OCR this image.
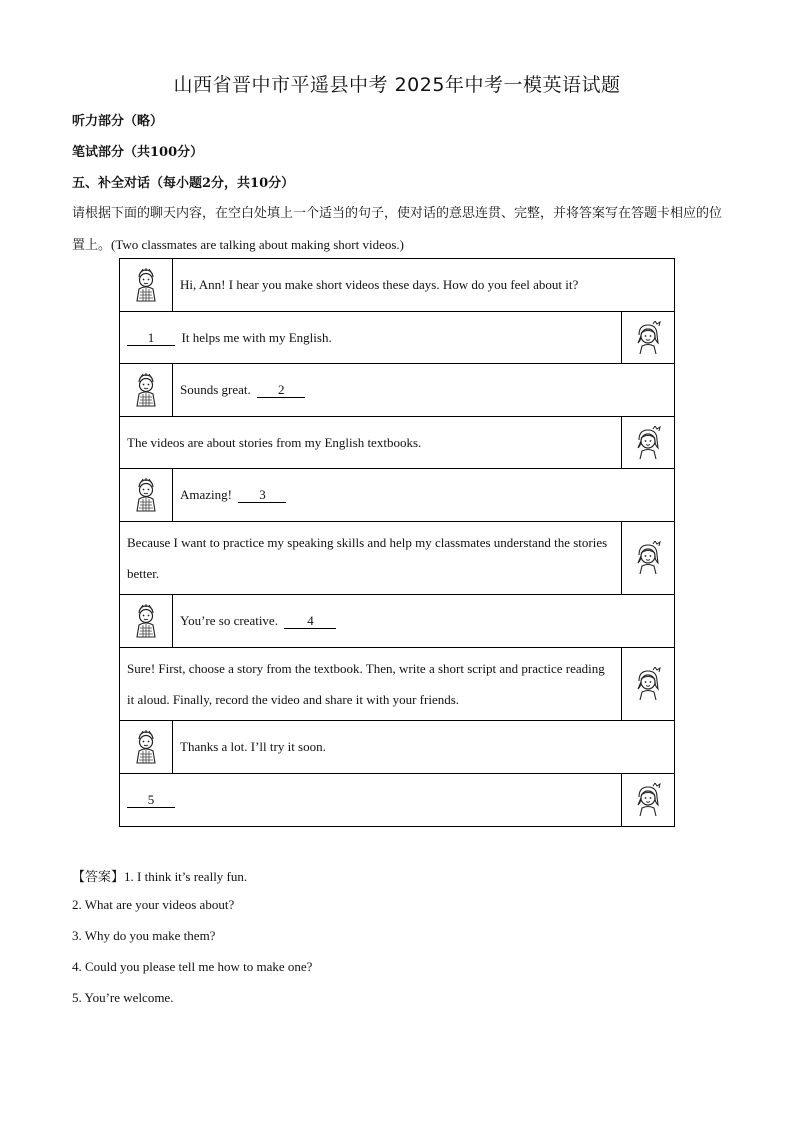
山西省晋中市平遥县中考 2025年中考一模英语试题
听力部分（略）
笔试部分（共100分）
五、补全对话（每小题2分，共10分）
请根据下面的聊天内容，在空白处填上一个适当的句子，使对话的意思连贯、完整，并将答案写在答题卡相应的位置上。(Two classmates are talking about making short videos.)
	Hi, Ann! I hear you make short videos these days. How do you feel about it?	
1 It helps me with my English.	

	Sounds great. 2	
The videos are about stories from my English textbooks.	

	Amazing! 3	
Because I want to practice my speaking skills and help my classmates understand the stories better.	

	You’re so creative. 4	
Sure! First, choose a story from the textbook. Then, write a short script and practice reading it aloud. Finally, record the video and share it with your friends.	

	Thanks a lot. I’ll try it soon.	
5	
【答案】1. I think it’s really fun.
2. What are your videos about?
3. Why do you make them?
4. Could you please tell me how to make one?
5. You’re welcome.
